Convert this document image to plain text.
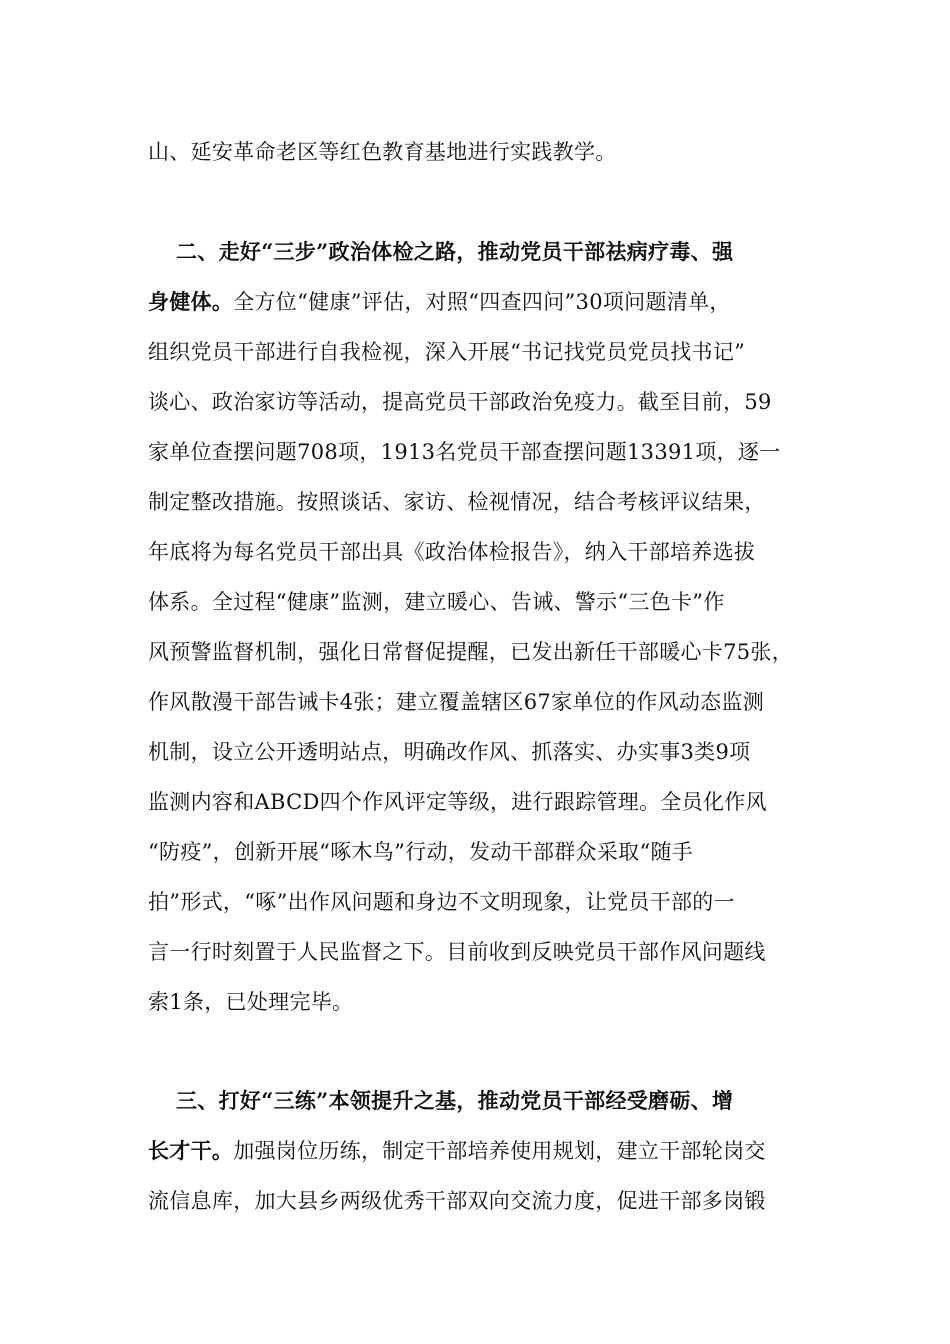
山、延安革命老区等红色教育基地进行实践教学。
二、走好“三步”政治体检之路，推动党员干部祛病疗毒、强
身健体。全方位“健康”评估，对照“四查四问”30项问题清单，
组织党员干部进行自我检视，深入开展“书记找党员党员找书记”
谈心、政治家访等活动，提高党员干部政治免疫力。截至目前，59
家单位查摆问题708项，1913名党员干部查摆问题13391项，逐一
制定整改措施。按照谈话、家访、检视情况，结合考核评议结果，
年底将为每名党员干部出具《政治体检报告》，纳入干部培养选拔
体系。全过程“健康”监测，建立暖心、告诫、警示“三色卡”作
风预警监督机制，强化日常督促提醒，已发出新任干部暖心卡75张，
作风散漫干部告诫卡4张；建立覆盖辖区67家单位的作风动态监测
机制，设立公开透明站点，明确改作风、抓落实、办实事3类9项
监测内容和ABCD四个作风评定等级，进行跟踪管理。全员化作风
“防疫”，创新开展“啄木鸟”行动，发动干部群众采取“随手
拍”形式，“啄”出作风问题和身边不文明现象，让党员干部的一
言一行时刻置于人民监督之下。目前收到反映党员干部作风问题线
索1条，已处理完毕。
三、打好“三练”本领提升之基，推动党员干部经受磨砺、增
长才干。加强岗位历练，制定干部培养使用规划，建立干部轮岗交
流信息库，加大县乡两级优秀干部双向交流力度，促进干部多岗锻
